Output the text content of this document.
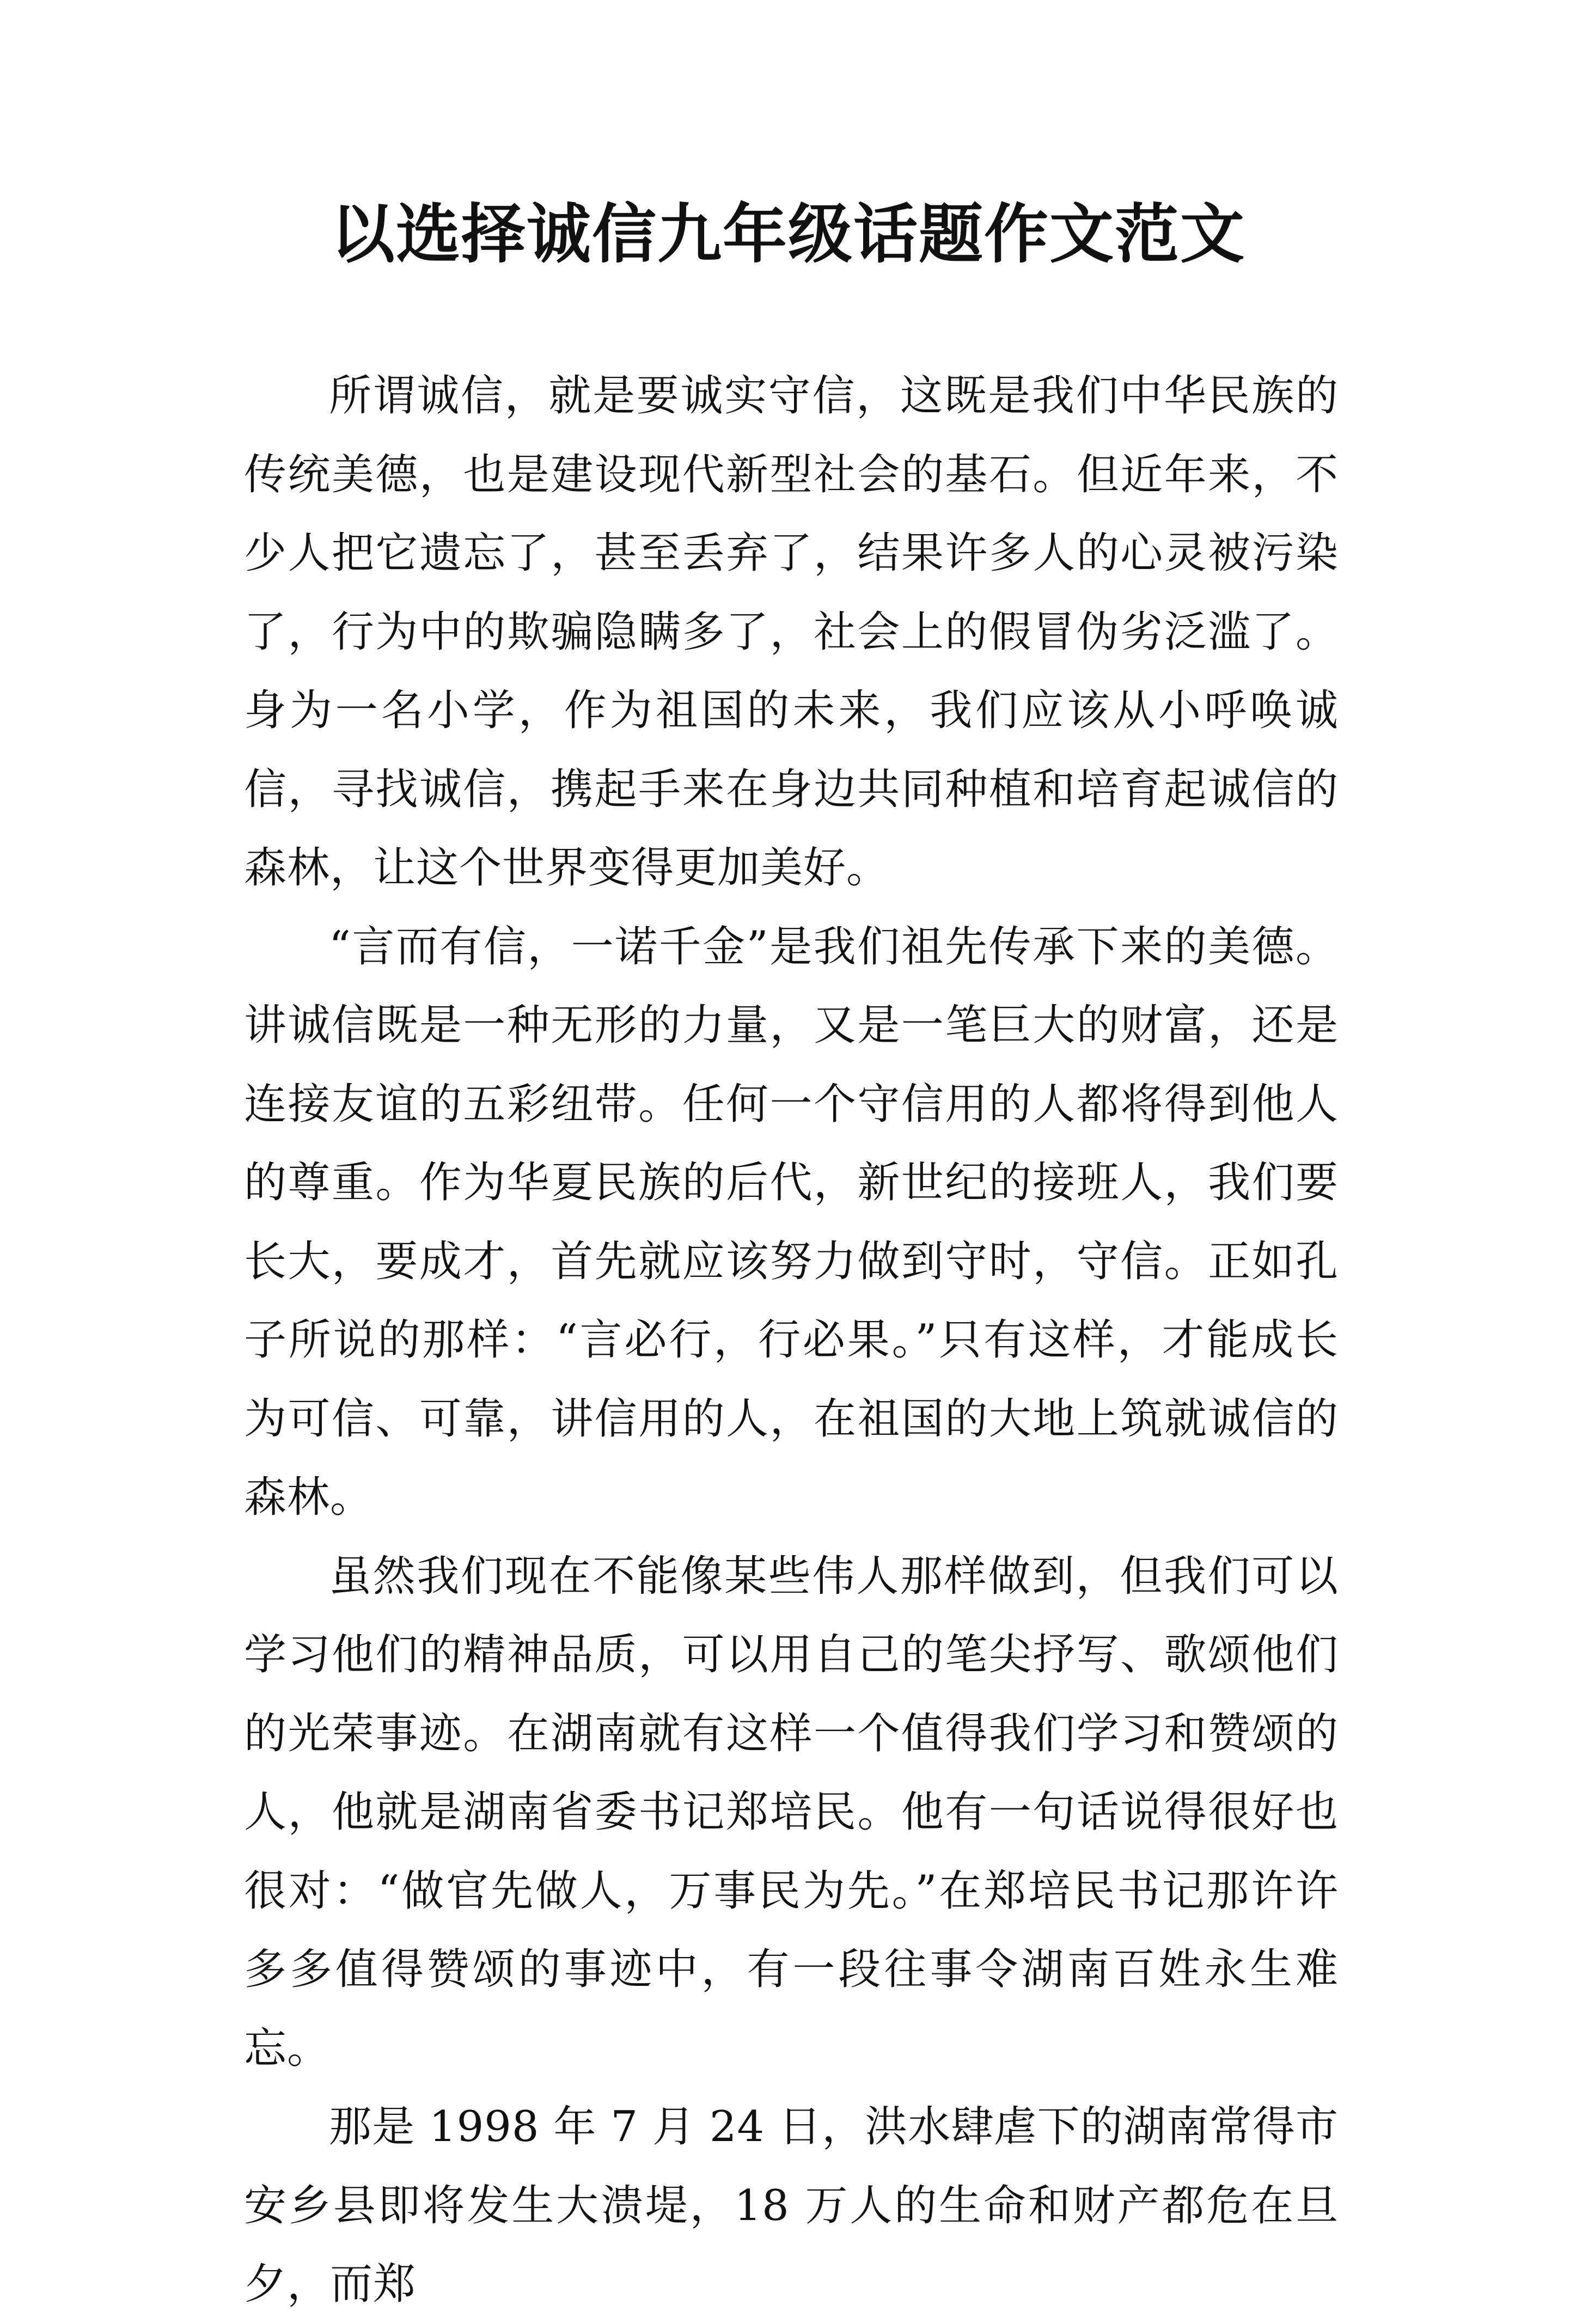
以选择诚信九年级话题作文范文

所谓诚信，就是要诚实守信，这既是我们中华民族的传统美德，也是建设现代新型社会的基石。但近年来，不少人把它遗忘了，甚至丢弃了，结果许多人的心灵被污染了，行为中的欺骗隐瞒多了，社会上的假冒伪劣泛滥了。身为一名小学，作为祖国的未来，我们应该从小呼唤诚信，寻找诚信，携起手来在身边共同种植和培育起诚信的森林，让这个世界变得更加美好。

“言而有信，一诺千金”是我们祖先传承下来的美德。讲诚信既是一种无形的力量，又是一笔巨大的财富，还是连接友谊的五彩纽带。任何一个守信用的人都将得到他人的尊重。作为华夏民族的后代，新世纪的接班人，我们要长大，要成才，首先就应该努力做到守时，守信。正如孔子所说的那样：“言必行，行必果。”只有这样，才能成长为可信、可靠，讲信用的人，在祖国的大地上筑就诚信的森林。

虽然我们现在不能像某些伟人那样做到，但我们可以学习他们的精神品质，可以用自己的笔尖抒写、歌颂他们的光荣事迹。在湖南就有这样一个值得我们学习和赞颂的人，他就是湖南省委书记郑培民。他有一句话说得很好也很对：“做官先做人，万事民为先。”在郑培民书记那许许多多值得赞颂的事迹中，有一段往事令湖南百姓永生难忘。

那是 1998 年 7 月 24 日，洪水肆虐下的湖南常得市安乡县即将发生大溃堤，18 万人的生命和财产都危在旦夕，而郑
